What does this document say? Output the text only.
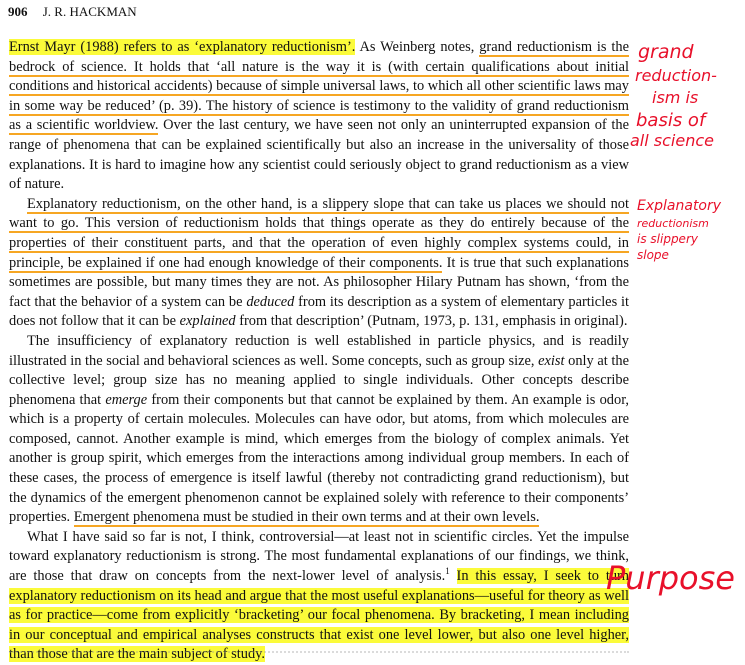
906 J. R. HACKMAN

Ernst Mayr (1988) refers to as ‘explanatory reductionism’. As Weinberg notes, grand reductionism is the bedrock of science. It holds that ‘all nature is the way it is (with certain qualifications about initial conditions and historical accidents) because of simple universal laws, to which all other scientific laws may in some way be reduced’ (p. 39). The history of science is testimony to the validity of grand reductionism as a scientific worldview. Over the last century, we have seen not only an uninterrupted expansion of the range of phenomena that can be explained scientifically but also an increase in the universality of those explanations. It is hard to imagine how any scientist could seriously object to grand reductionism as a view of nature.

Explanatory reductionism, on the other hand, is a slippery slope that can take us places we should not want to go. This version of reductionism holds that things operate as they do entirely because of the properties of their constituent parts, and that the operation of even highly complex systems could, in principle, be explained if one had enough knowledge of their components. It is true that such explanations sometimes are possible, but many times they are not. As philosopher Hilary Putnam has shown, ‘from the fact that the behavior of a system can be deduced from its description as a system of elementary particles it does not follow that it can be explained from that description’ (Putnam, 1973, p. 131, emphasis in original).

The insufficiency of explanatory reduction is well established in particle physics, and is readily illustrated in the social and behavioral sciences as well. Some concepts, such as group size, exist only at the collective level; group size has no meaning applied to single individuals. Other concepts describe phenomena that emerge from their components but that cannot be explained by them. An example is odor, which is a property of certain molecules. Molecules can have odor, but atoms, from which molecules are composed, cannot. Another example is mind, which emerges from the biology of complex animals. Yet another is group spirit, which emerges from the interactions among individual group members. In each of these cases, the process of emergence is itself lawful (thereby not contradicting grand reductionism), but the dynamics of the emergent phenomenon cannot be explained solely with reference to their components’ properties. Emergent phenomena must be studied in their own terms and at their own levels.

What I have said so far is not, I think, controversial—at least not in scientific circles. Yet the impulse toward explanatory reductionism is strong. The most fundamental explanations of our findings, we think, are those that draw on concepts from the next-lower level of analysis.$^1$ In this essay, I seek to turn explanatory reductionism on its head and argue that the most useful explanations—useful for theory as well as for practice—come from explicitly ‘bracketing’ our focal phenomena. By bracketing, I mean including in our conceptual and empirical analyses constructs that exist one level lower, but also one level higher, than those that are the main subject of study.

grand
reduction-
ism is
basis of
all science
Explanatory
reductionism
is slippery
slope
Purpose
